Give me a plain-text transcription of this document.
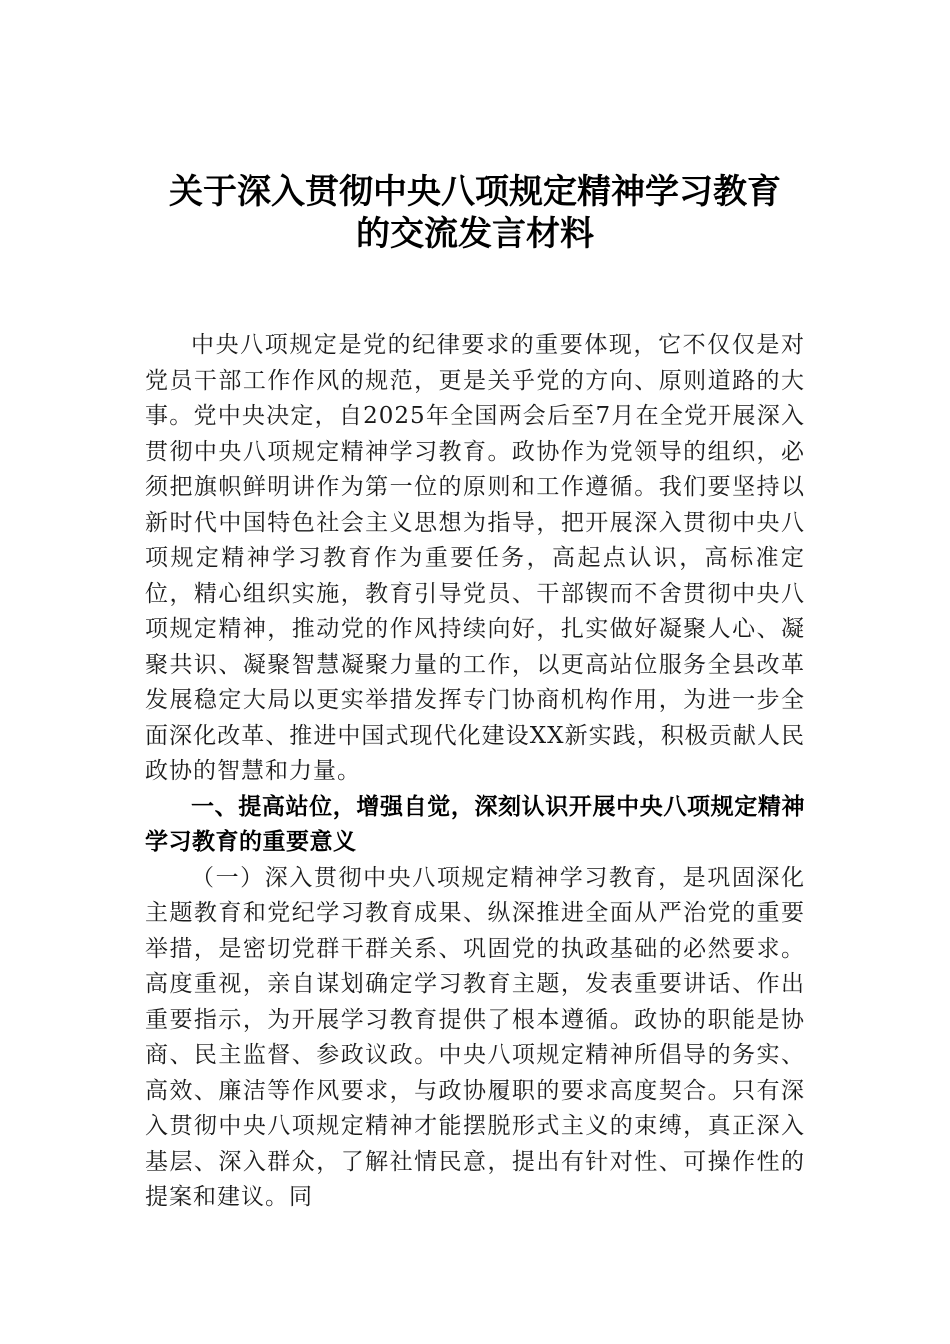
关于深入贯彻中央八项规定精神学习教育
的交流发言材料

中央八项规定是党的纪律要求的重要体现，它不仅仅是对党员干部工作作风的规范，更是关乎党的方向、原则道路的大事。党中央决定，自2025年全国两会后至7月在全党开展深入贯彻中央八项规定精神学习教育。政协作为党领导的组织，必须把旗帜鲜明讲作为第一位的原则和工作遵循。我们要坚持以新时代中国特色社会主义思想为指导，把开展深入贯彻中央八项规定精神学习教育作为重要任务，高起点认识，高标准定位，精心组织实施，教育引导党员、干部锲而不舍贯彻中央八项规定精神，推动党的作风持续向好，扎实做好凝聚人心、凝聚共识、凝聚智慧凝聚力量的工作，以更高站位服务全县改革发展稳定大局以更实举措发挥专门协商机构作用，为进一步全面深化改革、推进中国式现代化建设XX新实践，积极贡献人民政协的智慧和力量。

一、提高站位，增强自觉，深刻认识开展中央八项规定精神学习教育的重要意义

（一）深入贯彻中央八项规定精神学习教育，是巩固深化主题教育和党纪学习教育成果、纵深推进全面从严治党的重要举措，是密切党群干群关系、巩固党的执政基础的必然要求。高度重视，亲自谋划确定学习教育主题，发表重要讲话、作出重要指示，为开展学习教育提供了根本遵循。政协的职能是协商、民主监督、参政议政。中央八项规定精神所倡导的务实、高效、廉洁等作风要求，与政协履职的要求高度契合。只有深入贯彻中央八项规定精神才能摆脱形式主义的束缚，真正深入基层、深入群众，了解社情民意，提出有针对性、可操作性的提案和建议。同
